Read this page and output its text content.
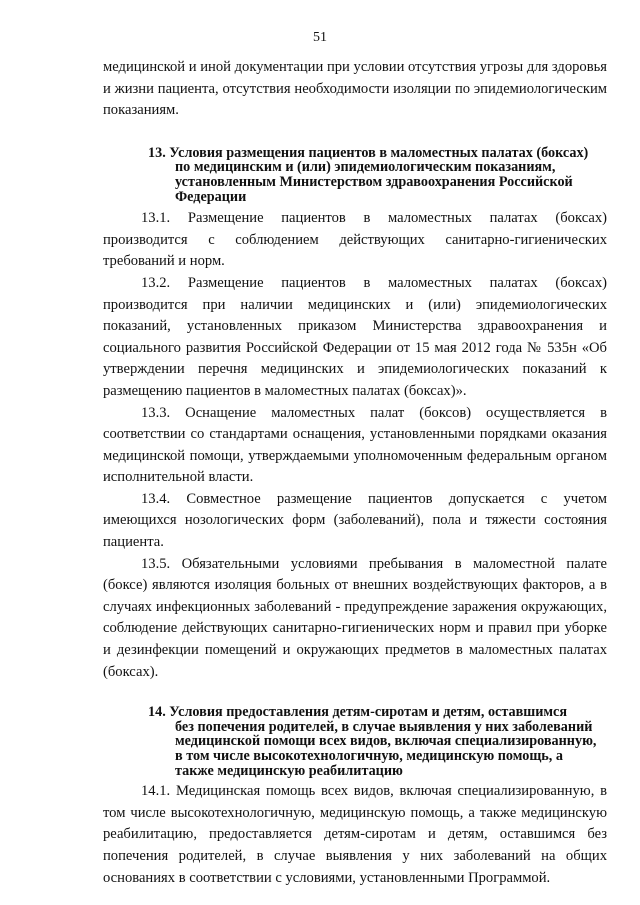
51

медицинской и иной документации при условии отсутствия угрозы для здоровья и жизни пациента, отсутствия необходимости изоляции по эпидемиологическим показаниям.

13. Условия размещения пациентов в маломестных палатах (боксах)
по медицинским и (или) эпидемиологическим показаниям,
установленным Министерством здравоохранения Российской
Федерации

13.1. Размещение пациентов в маломестных палатах (боксах) производится с соблюдением действующих санитарно-гигиенических требований и норм.

13.2. Размещение пациентов в маломестных палатах (боксах) производится при наличии медицинских и (или) эпидемиологических показаний, установленных приказом Министерства здравоохранения и социального развития Российской Федерации от 15 мая 2012 года № 535н «Об утверждении перечня медицинских и эпидемиологических показаний к размещению пациентов в маломестных палатах (боксах)».

13.3. Оснащение маломестных палат (боксов) осуществляется в соответствии со стандартами оснащения, установленными порядками оказания медицинской помощи, утверждаемыми уполномоченным федеральным органом исполнительной власти.

13.4. Совместное размещение пациентов допускается с учетом имеющихся нозологических форм (заболеваний), пола и тяжести состояния пациента.

13.5. Обязательными условиями пребывания в маломестной палате (боксе) являются изоляция больных от внешних воздействующих факторов, а в случаях инфекционных заболеваний - предупреждение заражения окружающих, соблюдение действующих санитарно-гигиенических норм и правил при уборке и дезинфекции помещений и окружающих предметов в маломестных палатах (боксах).

14. Условия предоставления детям-сиротам и детям, оставшимся
без попечения родителей, в случае выявления у них заболеваний
медицинской помощи всех видов, включая специализированную,
в том числе высокотехнологичную, медицинскую помощь, а
также медицинскую реабилитацию

14.1. Медицинская помощь всех видов, включая специализированную, в том числе высокотехнологичную, медицинскую помощь, а также медицинскую реабилитацию, предоставляется детям-сиротам и детям, оставшимся без попечения родителей, в случае выявления у них заболеваний на общих основаниях в соответствии с условиями, установленными Программой.
